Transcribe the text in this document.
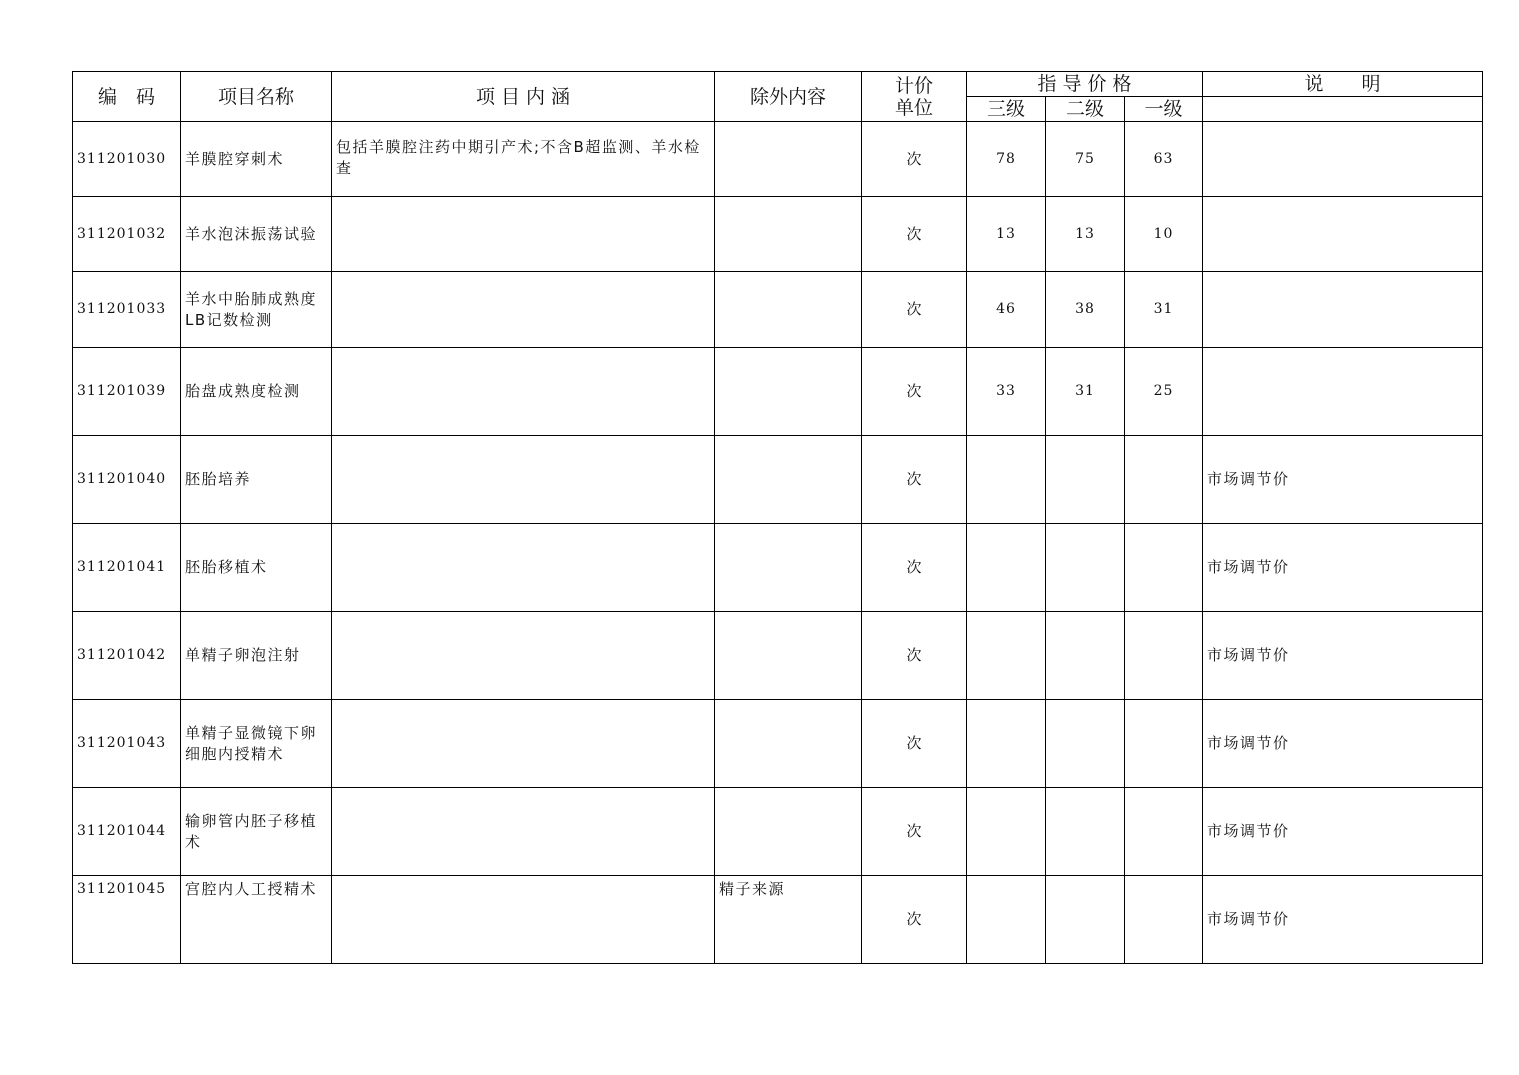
编　码	项目名称	项 目 内 涵	除外内容	计价
单位	指 导 价 格			说　　明
					三级	二级	一级	
311201030	羊膜腔穿刺术	包括羊膜腔注药中期引产术;不含B超监测、羊水检查		次	78	75	63	
311201032	羊水泡沫振荡试验			次	13	13	10	
311201033	羊水中胎肺成熟度LB记数检测			次	46	38	31	
311201039	胎盘成熟度检测			次	33	31	25	
311201040	胚胎培养			次				市场调节价
311201041	胚胎移植术			次				市场调节价
311201042	单精子卵泡注射			次				市场调节价
311201043	单精子显微镜下卵细胞内授精术			次				市场调节价
311201044	输卵管内胚子移植术			次				市场调节价
311201045	宫腔内人工授精术		精子来源	次				市场调节价
